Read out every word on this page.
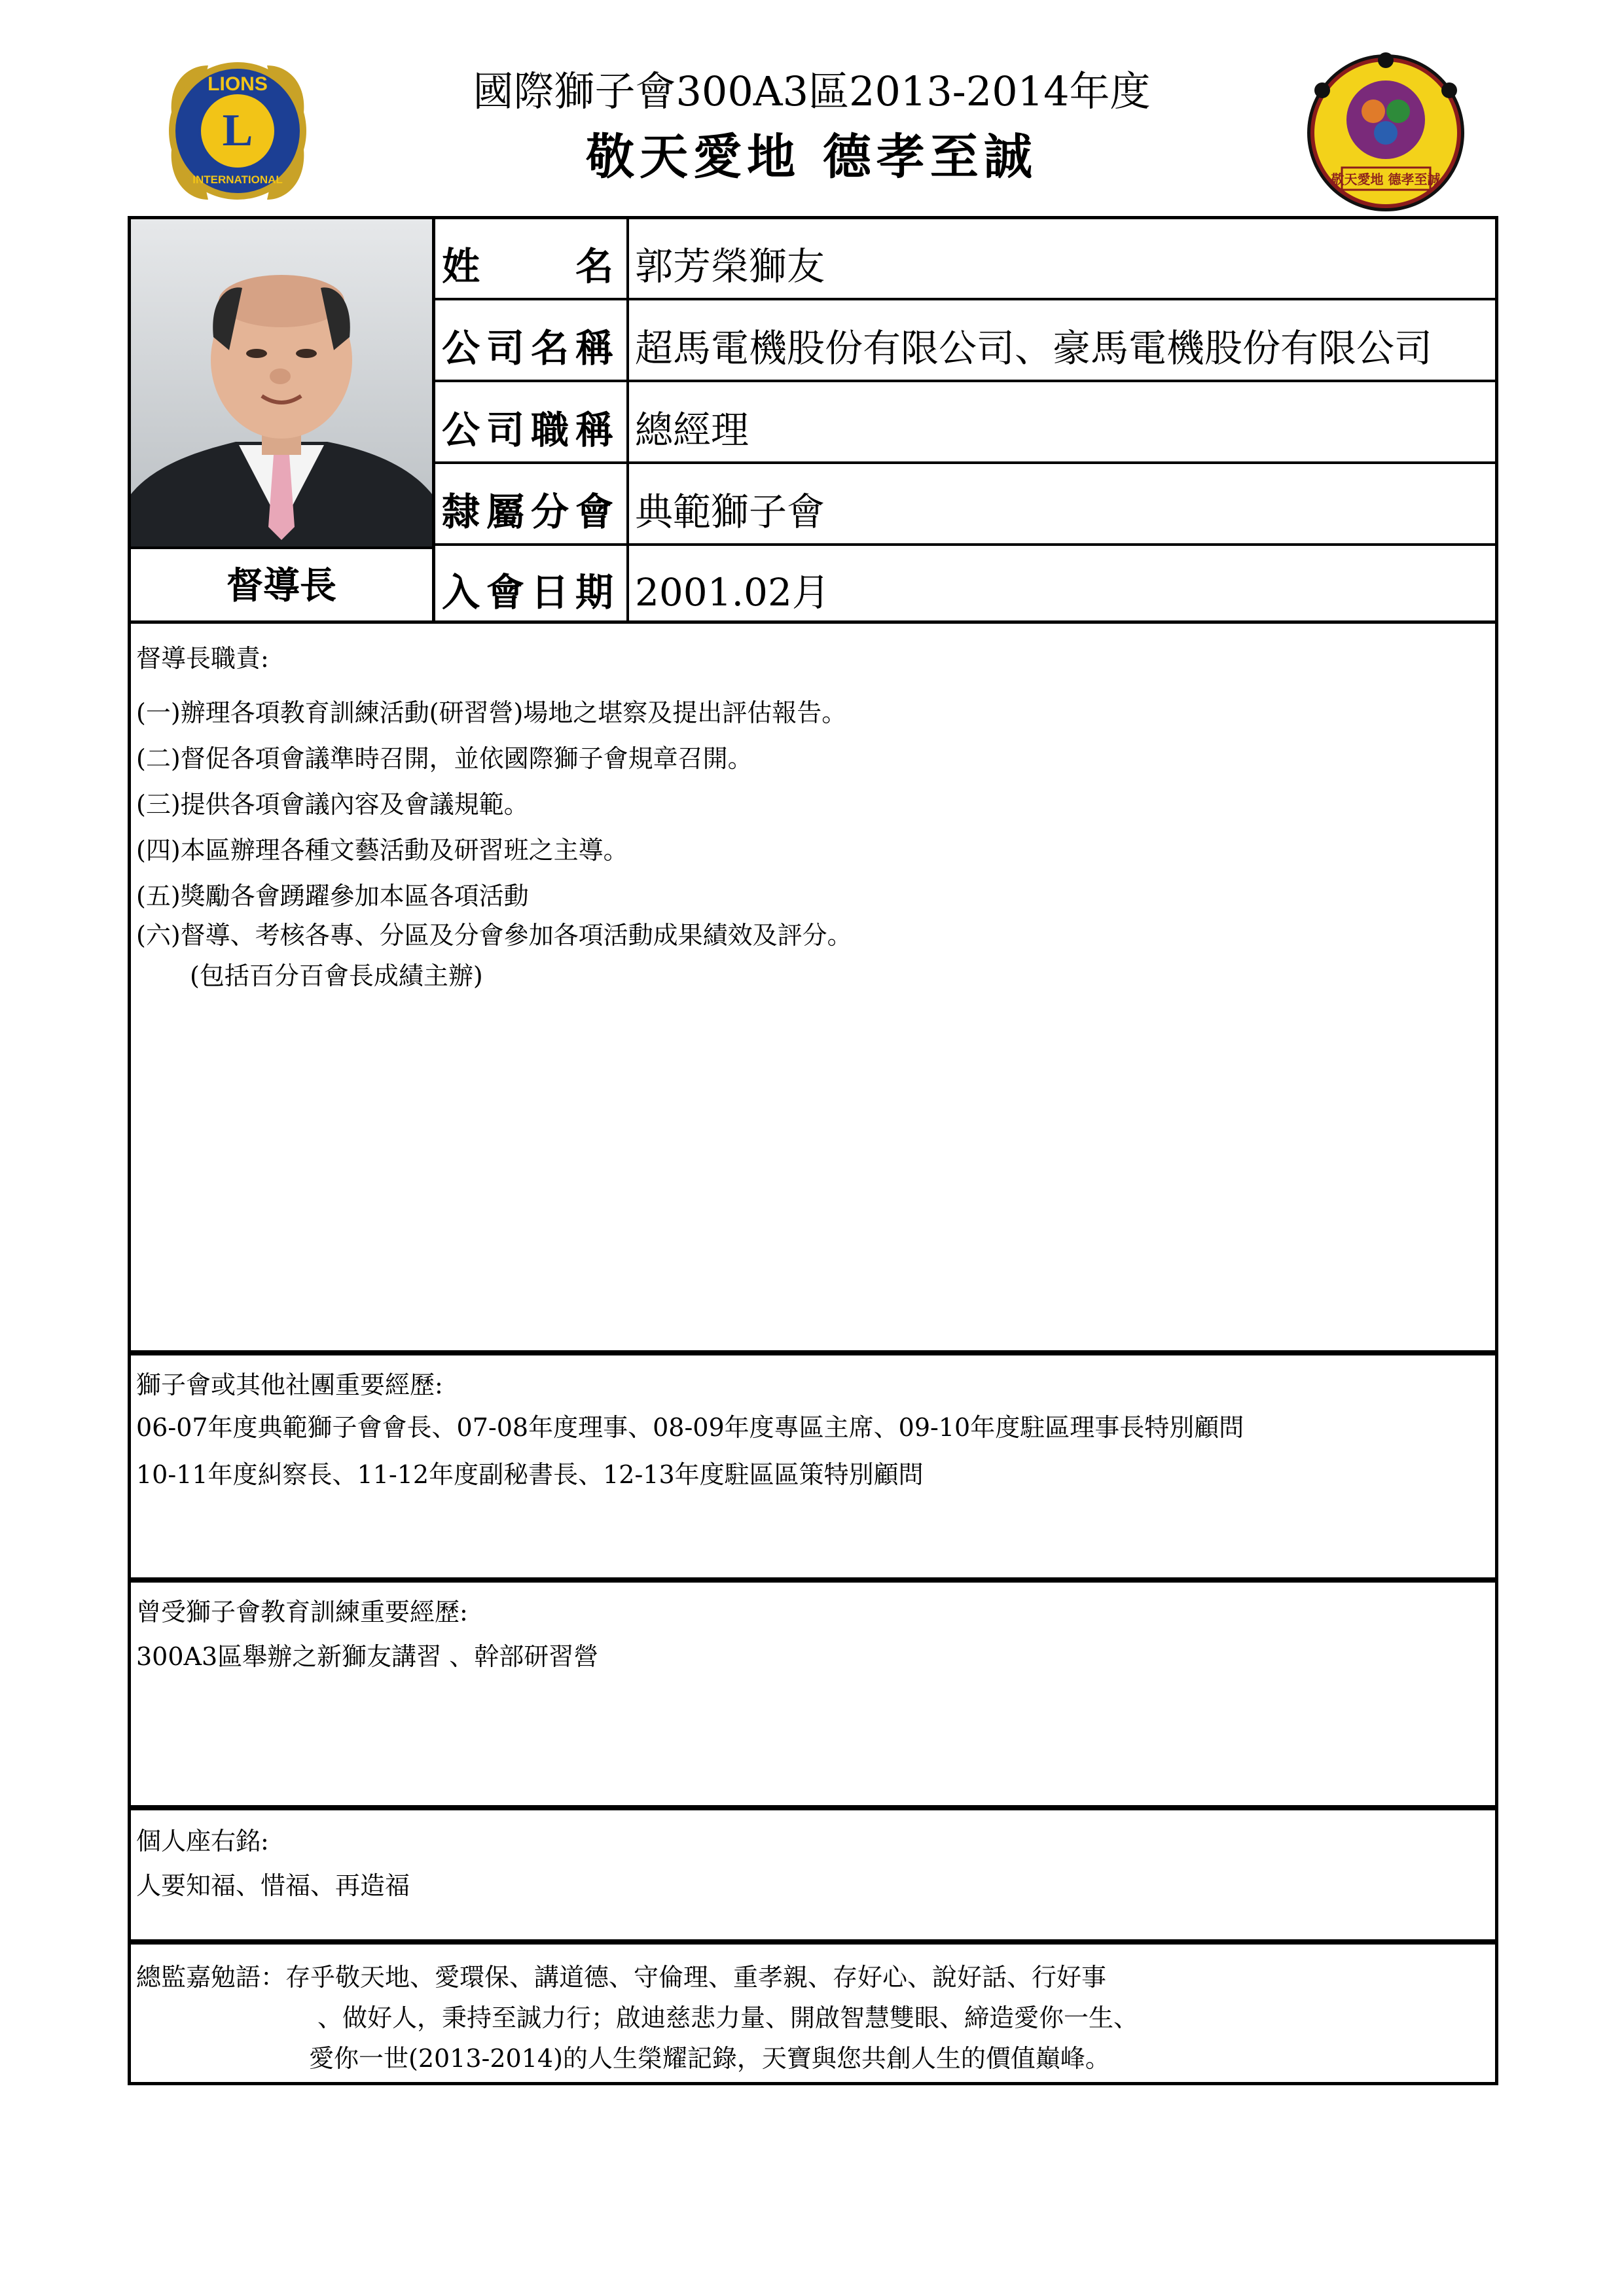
L
LIONS
INTERNATIONAL
國際獅子會300A3區2013-2014年度
敬天愛地 德孝至誠	敬天愛地 德孝至誠
督導長
姓　　名 郭芳榮獅友
公司名稱 超馬電機股份有限公司、豪馬電機股份有限公司
公司職稱 總經理
隸屬分會 典範獅子會
入會日期 2001.02月
督導長職責:
(一)辦理各項教育訓練活動(研習營)場地之堪察及提出評估報告。
(二)督促各項會議準時召開，並依國際獅子會規章召開。
(三)提供各項會議內容及會議規範。
(四)本區辦理各種文藝活動及研習班之主導。
(五)獎勵各會踴躍參加本區各項活動
(六)督導、考核各專、分區及分會參加各項活動成果績效及評分。
(包括百分百會長成績主辦)
獅子會或其他社團重要經歷:
06-07年度典範獅子會會長、07-08年度理事、08-09年度專區主席、09-10年度駐區理事長特別顧問
10-11年度糾察長、11-12年度副秘書長、12-13年度駐區區策特別顧問
曾受獅子會教育訓練重要經歷:
300A3區舉辦之新獅友講習 、幹部研習營
個人座右銘:
人要知福、惜福、再造福
總監嘉勉語：存乎敬天地、愛環保、講道德、守倫理、重孝親、存好心、說好話、行好事
、做好人，秉持至誠力行；啟迪慈悲力量、開啟智慧雙眼、締造愛你一生、
愛你一世(2013-2014)的人生榮耀記錄，天寶與您共創人生的價值巔峰。
